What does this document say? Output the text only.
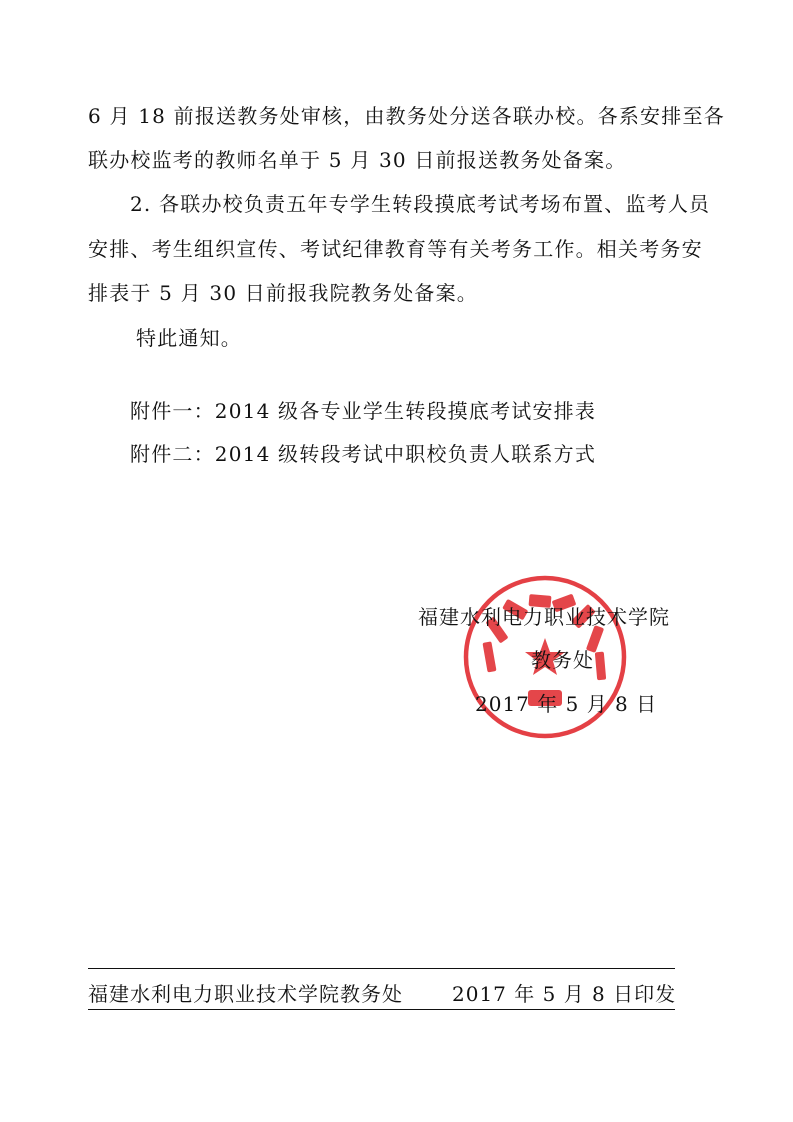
6 月 18 前报送教务处审核，由教务处分送各联办校。各系安排至各
联办校监考的教师名单于 5 月 30 日前报送教务处备案。
2. 各联办校负责五年专学生转段摸底考试考场布置、监考人员
安排、考生组织宣传、考试纪律教育等有关考务工作。相关考务安
排表于 5 月 30 日前报我院教务处备案。
特此通知。
附件一：2014 级各专业学生转段摸底考试安排表
附件二：2014 级转段考试中职校负责人联系方式
福建水利电力职业技术学院
教务处
2017 年 5 月 8 日
福建水利电力职业技术学院教务处 2017 年 5 月 8 日印发
